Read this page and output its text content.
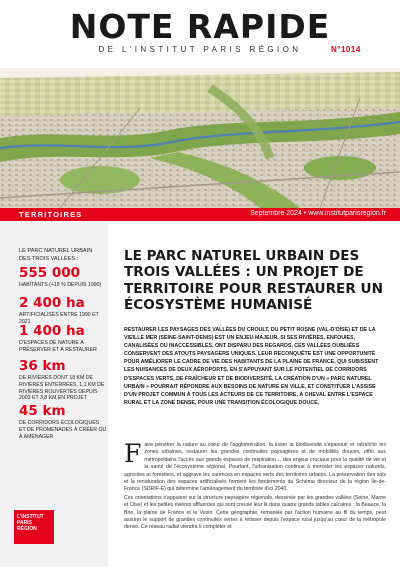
NOTE RAPIDE
DE L'INSTITUT PARIS RÉGION	N°1014
TERRITOIRES	Septembre 2024 • www.institutparisregion.fr
LE PARC NATUREL URBAIN DES TROIS VALLÉES :
555 000
HABITANTS (+18 % DEPUIS 1990)
2 400 ha
ARTIFICIALISÉS ENTRE 1990 ET 2021
1 400 ha
D'ESPACES DE NATURE À PRÉSERVER ET À RESTAURER
36 km
DE RIVIÈRES DONT 18 KM DE RIVIÈRES ENTERRÉES, 1,1 KM DE RIVIÈRES ROUVERTES DEPUIS 2003 ET 3,8 KM EN PROJET
45 km
DE CORRIDORS ÉCOLOGIQUES ET DE PROMENADES À CRÉER OU À AMÉNAGER
L'INSTITUT
PARIS
RÉGION
LE PARC NATUREL URBAIN DES TROIS VALLÉES : UN PROJET DE TERRITOIRE POUR RESTAURER UN ÉCOSYSTÈME HUMANISÉ
RESTAURER LES PAYSAGES DES VALLÉES DU CROULT, DU PETIT ROSNE (VAL-D'OISE) ET DE LA VIEILLE MER (SEINE-SAINT-DENIS) EST UN ENJEU MAJEUR. SI SES RIVIÈRES, ENFOUIES, CANALISÉES OU INACCESSIBLES, ONT DISPARU DES REGARDS, CES VALLÉES OUBLIÉES CONSERVENT DES ATOUTS PAYSAGERS UNIQUES. LEUR RECONQUÊTE EST UNE OPPORTUNITÉ POUR AMÉLIORER LE CADRE DE VIE DES HABITANTS DE LA PLAINE DE FRANCE, QUI SUBISSENT LES NUISANCES DE DEUX AÉROPORTS. EN S'APPUYANT SUR LE POTENTIEL DE CORRIDORS D'ESPACES VERTS, DE FRAÎCHEUR ET DE BIODIVERSITÉ, LA CRÉATION D'UN « PARC NATUREL URBAIN » POURRAIT RÉPONDRE AUX BESOINS DE NATURE EN VILLE, ET CONSTITUER L'ASSISE D'UN PROJET COMMUN À TOUS LES ACTEURS DE CE TERRITOIRE, À CHEVAL ENTRE L'ESPACE RURAL ET LA ZONE DENSE, POUR UNE TRANSITION ÉCOLOGIQUE DOUCE.

Faire pénétrer la nature au cœur de l'agglomération, la lisser la biodiversité s'épanouir et rafraîchir les zones urbaines, restaurer les grandes continuités paysagères et de mobilités douces, offrir aux métropolitains l'accès aux grands espaces de respiration… des enjeux cruciaux pour la qualité de vie et la santé de l'écosystème régional. Pourtant, l'urbanisation continue à morceler les espaces naturels, agricoles et forestiers, et aggrave les carences en espaces verts des territoires urbains. La préservation des sols et la renaturation des espaces artificialisés forment les fondements du Schéma directeur de la région Île-de-France (SDRIF-E) qui détermine l'aménagement du territoire d'ici 2040.

Ces orientations s'appuient sur la structure paysagère régionale, dessinée par les grandes vallées (Seine, Marne et Oise) et les petites rivières affluentes qui sont creusé leur lit dans quatre grands tables calcaires : la Beauce, la Brie, la plaine de France et le Vexin. Cette géographie, remaniée par l'action humaine au fil du temps, peut assurer le support de grandes continuités vertes à retisser depuis l'espace rural jusqu'au cœur de la métropole dense. Ce réseau radial viendra ti compléter et
